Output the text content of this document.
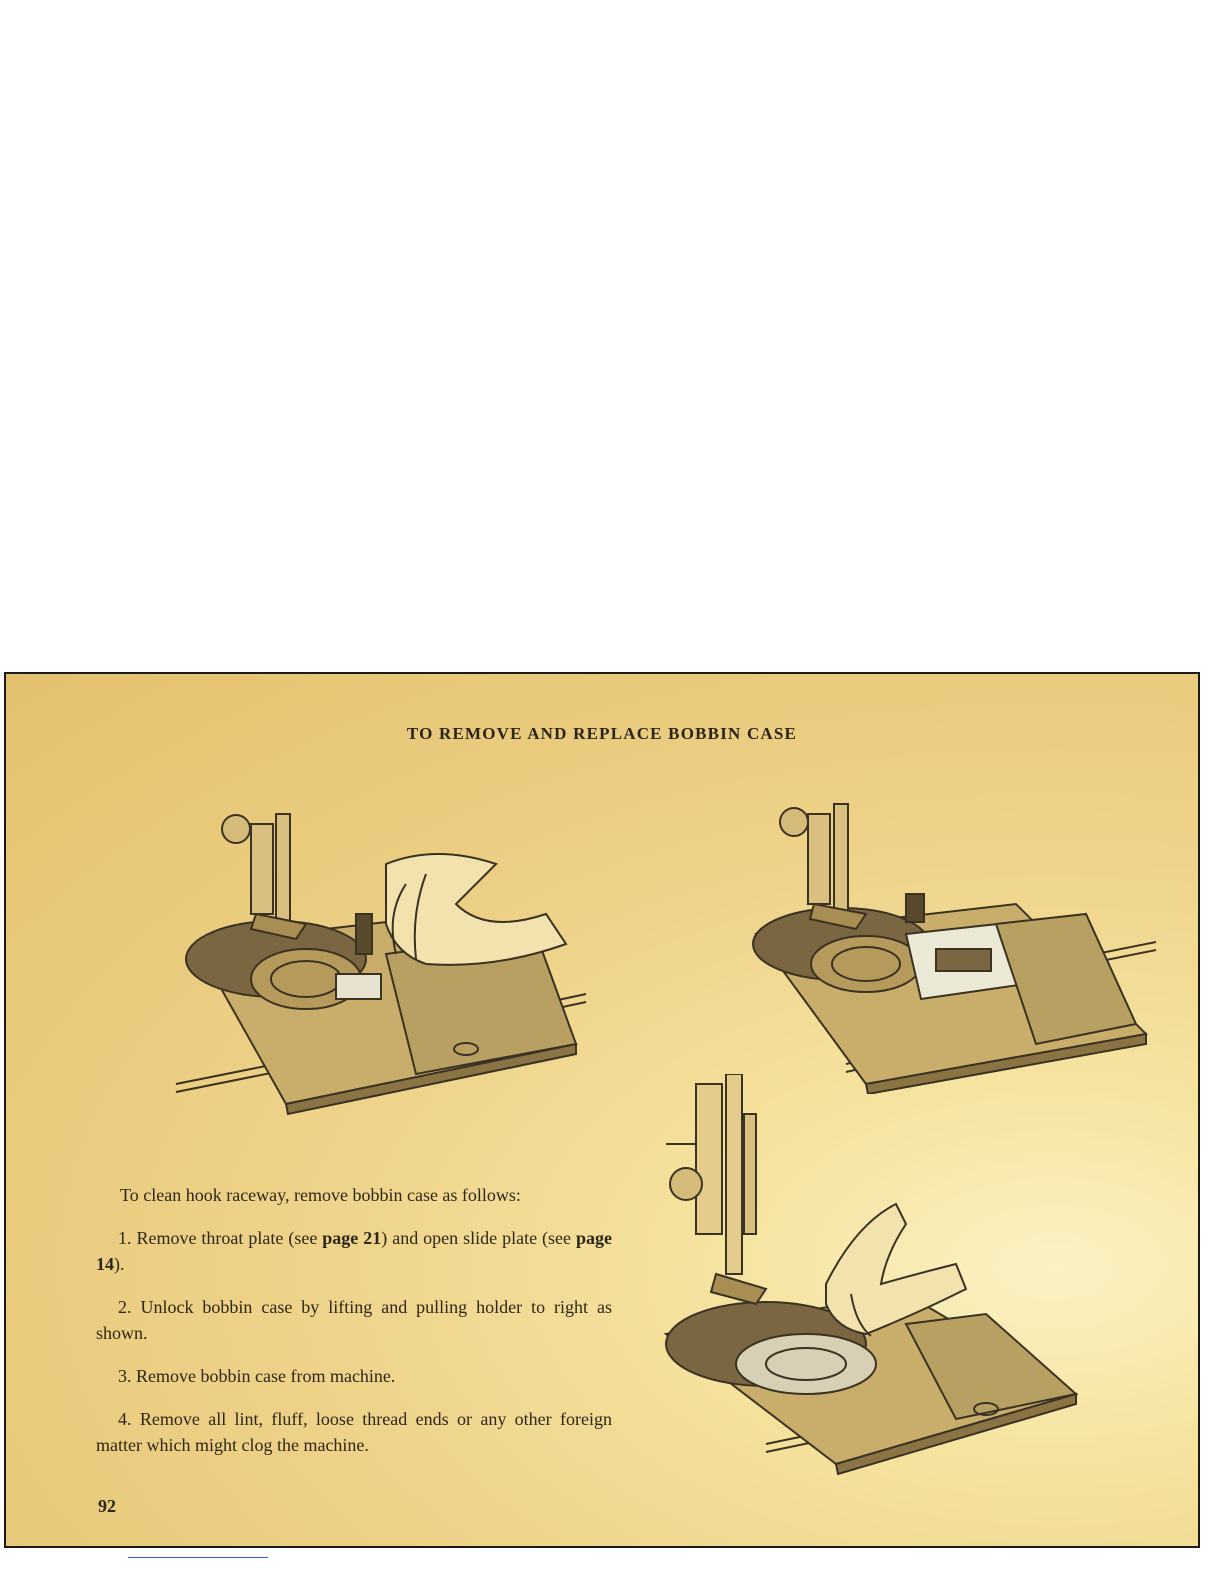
TO REMOVE AND REPLACE BOBBIN CASE

To clean hook raceway, remove bobbin case as follows:

1. Remove throat plate (see page 21) and open slide plate (see page 14).

2. Unlock bobbin case by lifting and pulling holder to right as shown.

3. Remove bobbin case from machine.

4. Remove all lint, fluff, loose thread ends or any other foreign matter which might clog the machine.

92
